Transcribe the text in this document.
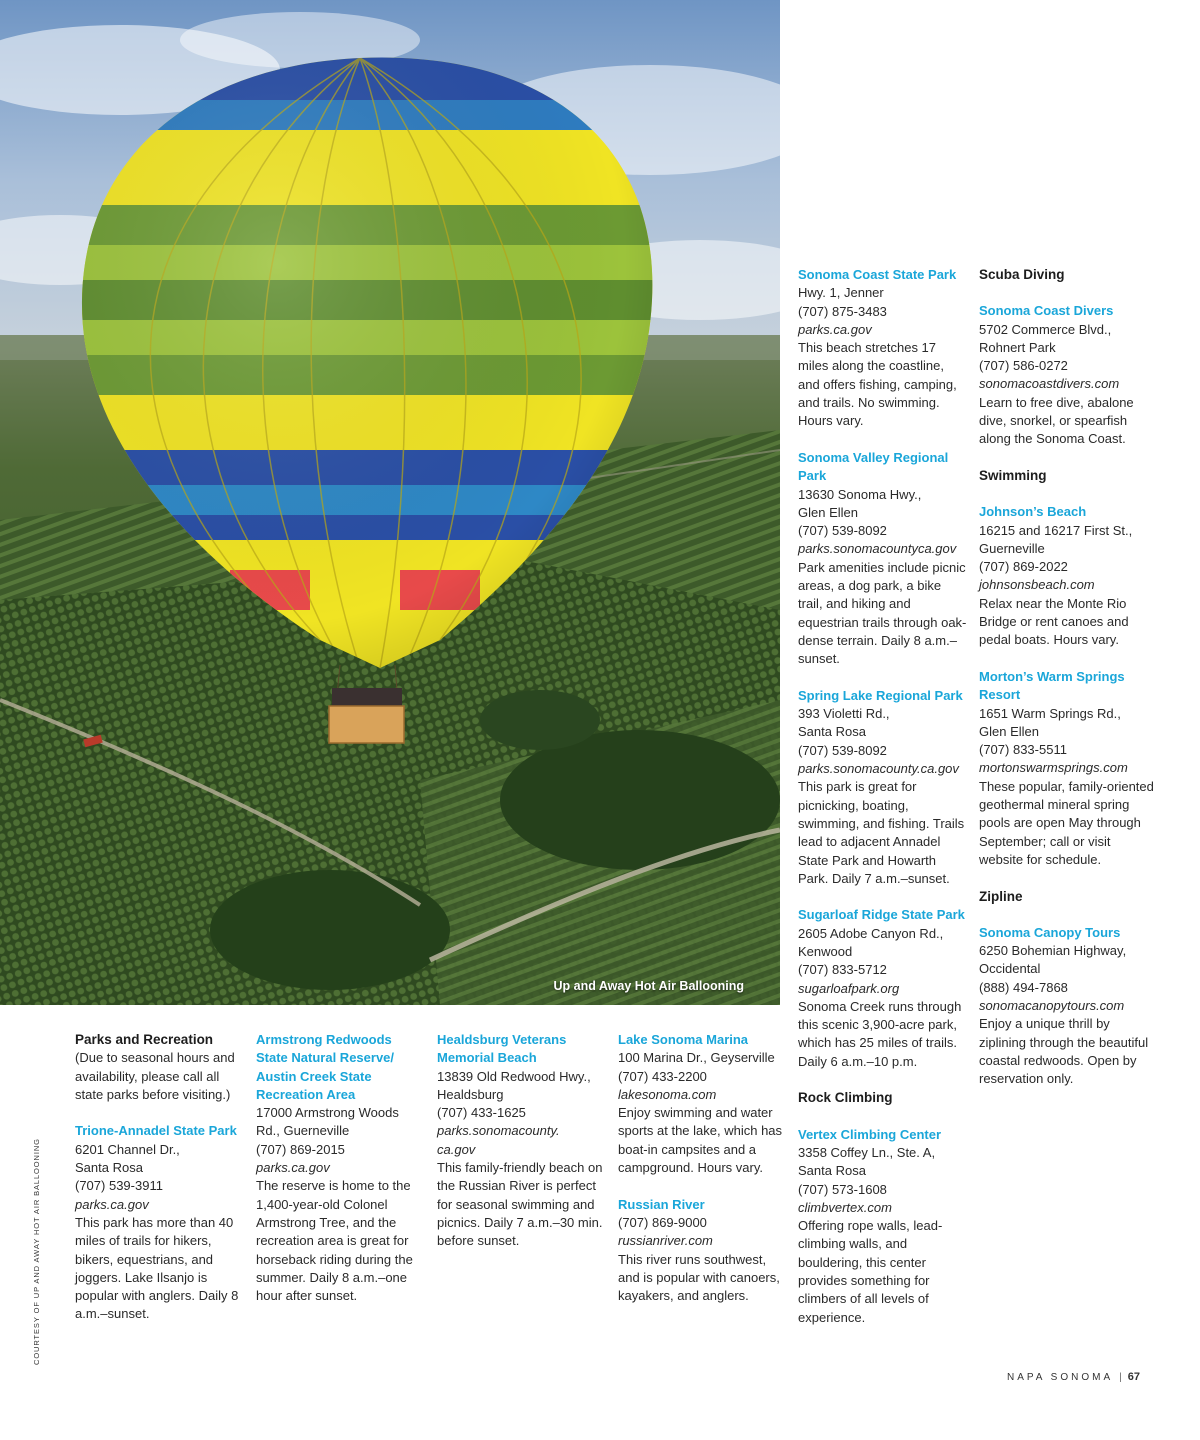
Up and Away Hot Air Ballooning
Parks and Recreation
(Due to seasonal hours and availability, please call all state parks before visiting.)
Trione-Annadel State Park
6201 Channel Dr.,
Santa Rosa
(707) 539-3911
parks.ca.gov
This park has more than 40 miles of trails for hikers, bikers, equestrians, and joggers. Lake Ilsanjo is popular with anglers. Daily 8 a.m.–sunset.
Armstrong Redwoods State Natural Reserve/ Austin Creek State Recreation Area
17000 Armstrong Woods Rd., Guerneville
(707) 869-2015
parks.ca.gov
The reserve is home to the 1,400-year-old Colonel Armstrong Tree, and the recreation area is great for horseback riding during the summer. Daily 8 a.m.–one hour after sunset.
Healdsburg Veterans Memorial Beach
13839 Old Redwood Hwy.,
Healdsburg
(707) 433-1625
parks.sonomacounty.
ca.gov
This family-friendly beach on the Russian River is perfect for seasonal swimming and picnics. Daily 7 a.m.–30 min. before sunset.
Lake Sonoma Marina
100 Marina Dr., Geyserville
(707) 433-2200
lakesonoma.com
Enjoy swimming and water sports at the lake, which has boat-in campsites and a campground. Hours vary.
Russian River
(707) 869-9000
russianriver.com
This river runs southwest, and is popular with canoers, kayakers, and anglers.
Sonoma Coast State Park
Hwy. 1, Jenner
(707) 875-3483
parks.ca.gov
This beach stretches 17 miles along the coastline, and offers fishing, camping, and trails. No swimming. Hours vary.
Sonoma Valley Regional Park
13630 Sonoma Hwy.,
Glen Ellen
(707) 539-8092
parks.sonomacountyca.gov
Park amenities include picnic areas, a dog park, a bike trail, and hiking and equestrian trails through oak-dense terrain. Daily 8 a.m.–sunset.
Spring Lake Regional Park
393 Violetti Rd.,
Santa Rosa
(707) 539-8092
parks.sonomacounty.ca.gov
This park is great for picnicking, boating, swimming, and fishing. Trails lead to adjacent Annadel State Park and Howarth Park. Daily 7 a.m.–sunset.
Sugarloaf Ridge State Park
2605 Adobe Canyon Rd.,
Kenwood
(707) 833-5712
sugarloafpark.org
Sonoma Creek runs through this scenic 3,900-acre park, which has 25 miles of trails. Daily 6 a.m.–10 p.m.
Rock Climbing
Vertex Climbing Center
3358 Coffey Ln., Ste. A,
Santa Rosa
(707) 573-1608
climbvertex.com
Offering rope walls, lead-climbing walls, and bouldering, this center provides something for climbers of all levels of experience.
Scuba Diving
Sonoma Coast Divers
5702 Commerce Blvd.,
Rohnert Park
(707) 586-0272
sonomacoastdivers.com
Learn to free dive, abalone dive, snorkel, or spearfish along the Sonoma Coast.
Swimming
Johnson’s Beach
16215 and 16217 First St.,
Guerneville
(707) 869-2022
johnsonsbeach.com
Relax near the Monte Rio Bridge or rent canoes and pedal boats. Hours vary.
Morton’s Warm Springs Resort
1651 Warm Springs Rd.,
Glen Ellen
(707) 833-5511
mortonswarmsprings.com
These popular, family-oriented geothermal mineral spring pools are open May through September; call or visit website for schedule.
Zipline
Sonoma Canopy Tours
6250 Bohemian Highway,
Occidental
(888) 494-7868
sonomacanopytours.com
Enjoy a unique thrill by ziplining through the beautiful coastal redwoods. Open by reservation only.
COURTESY OF UP AND AWAY HOT AIR BALLOONING
NAPA SONOMA | 67
